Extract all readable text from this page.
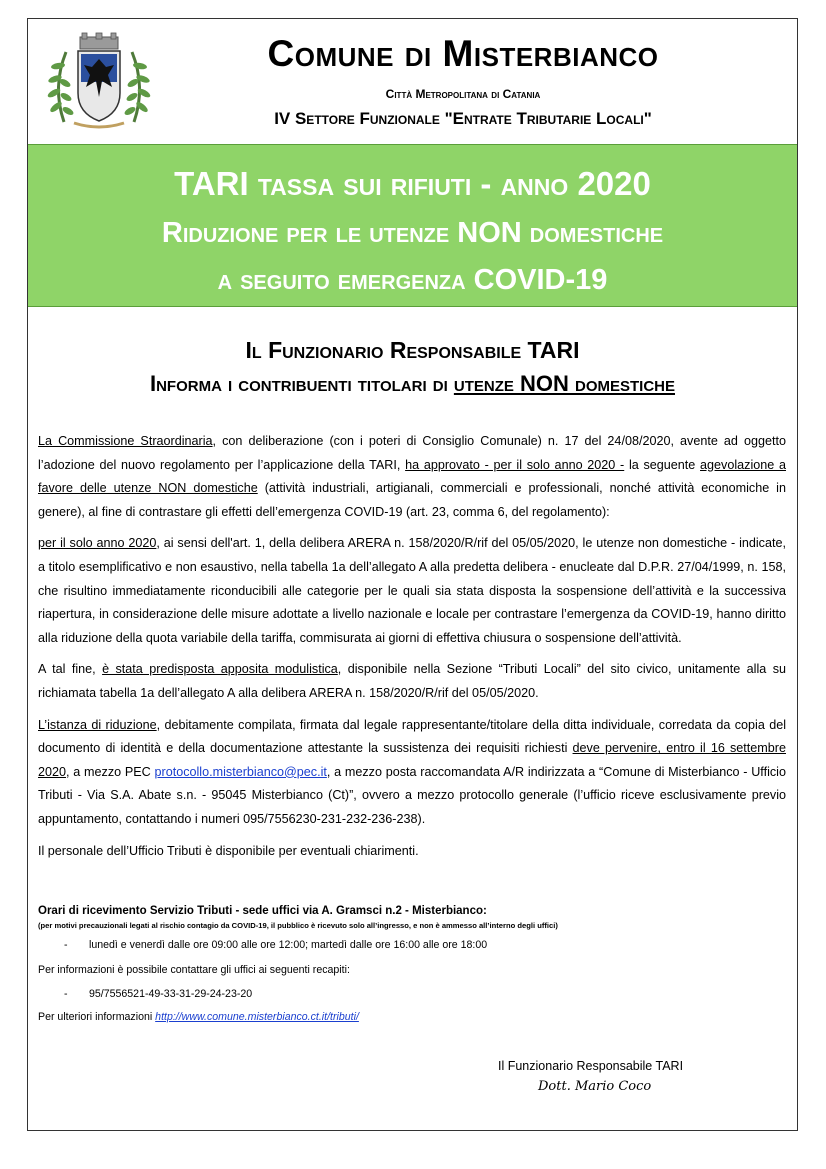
Comune di Misterbianco
Città Metropolitana di Catania
IV Settore Funzionale "Entrate Tributarie Locali"
TARI tassa sui rifiuti - anno 2020
Riduzione per le utenze NON domestiche
a seguito emergenza COVID-19
Il Funzionario Responsabile TARI
Informa i contribuenti titolari di utenze NON domestiche

La Commissione Straordinaria, con deliberazione (con i poteri di Consiglio Comunale) n. 17 del 24/08/2020, avente ad oggetto l’adozione del nuovo regolamento per l’applicazione della TARI, ha approvato - per il solo anno 2020 - la seguente agevolazione a favore delle utenze NON domestiche (attività industriali, artigianali, commerciali e professionali, nonché attività economiche in genere), al fine di contrastare gli effetti dell’emergenza COVID-19 (art. 23, comma 6, del regolamento):

per il solo anno 2020, ai sensi dell'art. 1, della delibera ARERA n. 158/2020/R/rif del 05/05/2020, le utenze non domestiche - indicate, a titolo esemplificativo e non esaustivo, nella tabella 1a dell’allegato A alla predetta delibera - enucleate dal D.P.R. 27/04/1999, n. 158, che risultino immediatamente riconducibili alle categorie per le quali sia stata disposta la sospensione dell’attività e la successiva riapertura, in considerazione delle misure adottate a livello nazionale e locale per contrastare l’emergenza da COVID-19, hanno diritto alla riduzione della quota variabile della tariffa, commisurata ai giorni di effettiva chiusura o sospensione dell’attività.

A tal fine, è stata predisposta apposita modulistica, disponibile nella Sezione “Tributi Locali” del sito civico, unitamente alla su richiamata tabella 1a dell’allegato A alla delibera ARERA n. 158/2020/R/rif del 05/05/2020.

L’istanza di riduzione, debitamente compilata, firmata dal legale rappresentante/titolare della ditta individuale, corredata da copia del documento di identità e della documentazione attestante la sussistenza dei requisiti richiesti deve pervenire, entro il 16 settembre 2020, a mezzo PEC protocollo.misterbianco@pec.it, a mezzo posta raccomandata A/R indirizzata a “Comune di Misterbianco - Ufficio Tributi - Via S.A. Abate s.n. - 95045 Misterbianco (Ct)”, ovvero a mezzo protocollo generale (l’ufficio riceve esclusivamente previo appuntamento, contattando i numeri 095/7556230-231-232-236-238).

Il personale dell’Ufficio Tributi è disponibile per eventuali chiarimenti.

Orari di ricevimento Servizio Tributi - sede uffici via A. Gramsci n.2 - Misterbianco:
(per motivi precauzionali legati al rischio contagio da COVID-19, il pubblico è ricevuto solo all’ingresso, e non è ammesso all’interno degli uffici)
- lunedì e venerdì dalle ore 09:00 alle ore 12:00; martedì dalle ore 16:00 alle ore 18:00
Per informazioni è possibile contattare gli uffici ai seguenti recapiti:
- 95/7556521-49-33-31-29-24-23-20
Per ulteriori informazioni http://www.comune.misterbianco.ct.it/tributi/
Il Funzionario Responsabile TARI
Dott. Mario Coco
